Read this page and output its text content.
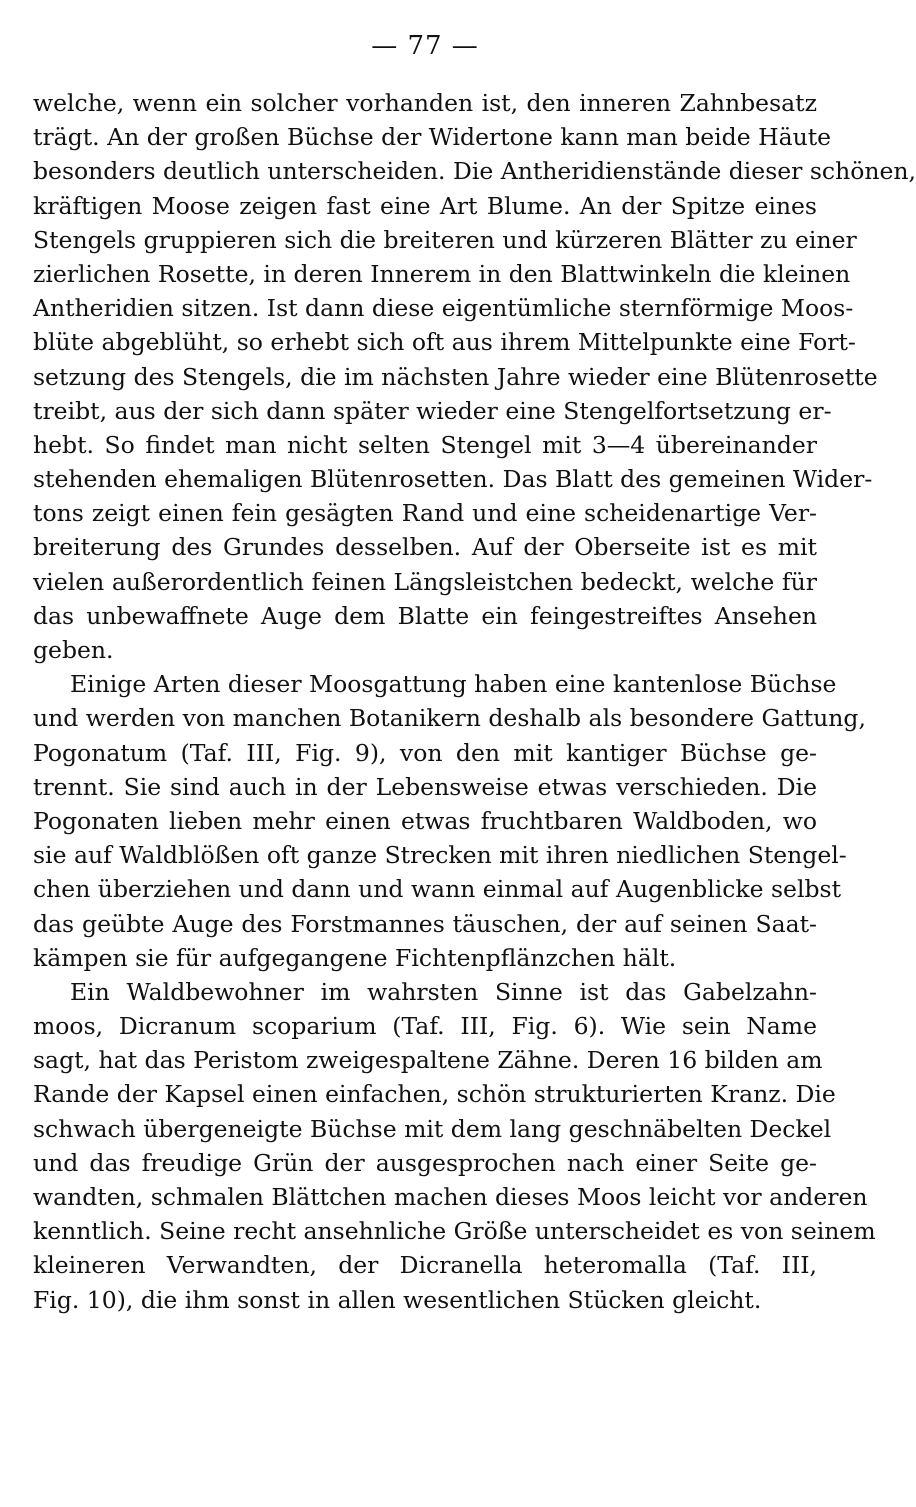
— 77 —
welche, wenn ein solcher vorhanden ist, den inneren Zahnbesatz
trägt. An der großen Büchse der Widertone kann man beide Häute
besonders deutlich unterscheiden. Die Antheridienstände dieser schönen,
kräftigen Moose zeigen fast eine Art Blume. An der Spitze eines
Stengels gruppieren sich die breiteren und kürzeren Blätter zu einer
zierlichen Rosette, in deren Innerem in den Blattwinkeln die kleinen
Antheridien sitzen. Ist dann diese eigentümliche sternförmige Moos-
blüte abgeblüht, so erhebt sich oft aus ihrem Mittelpunkte eine Fort-
setzung des Stengels, die im nächsten Jahre wieder eine Blütenrosette
treibt, aus der sich dann später wieder eine Stengelfortsetzung er-
hebt. So findet man nicht selten Stengel mit 3—4 übereinander
stehenden ehemaligen Blütenrosetten. Das Blatt des gemeinen Wider-
tons zeigt einen fein gesägten Rand und eine scheidenartige Ver-
breiterung des Grundes desselben. Auf der Oberseite ist es mit
vielen außerordentlich feinen Längsleistchen bedeckt, welche für
das unbewaffnete Auge dem Blatte ein feingestreiftes Ansehen
geben.
Einige Arten dieser Moosgattung haben eine kantenlose Büchse
und werden von manchen Botanikern deshalb als besondere Gattung,
Pogonatum (Taf. III, Fig. 9), von den mit kantiger Büchse ge-
trennt. Sie sind auch in der Lebensweise etwas verschieden. Die
Pogonaten lieben mehr einen etwas fruchtbaren Waldboden, wo
sie auf Waldblößen oft ganze Strecken mit ihren niedlichen Stengel-
chen überziehen und dann und wann einmal auf Augenblicke selbst
das geübte Auge des Forstmannes täuschen, der auf seinen Saat-
kämpen sie für aufgegangene Fichtenpflänzchen hält.
Ein Waldbewohner im wahrsten Sinne ist das Gabelzahn-
moos, Dicranum scoparium (Taf. III, Fig. 6). Wie sein Name
sagt, hat das Peristom zweigespaltene Zähne. Deren 16 bilden am
Rande der Kapsel einen einfachen, schön strukturierten Kranz. Die
schwach übergeneigte Büchse mit dem lang geschnäbelten Deckel
und das freudige Grün der ausgesprochen nach einer Seite ge-
wandten, schmalen Blättchen machen dieses Moos leicht vor anderen
kenntlich. Seine recht ansehnliche Größe unterscheidet es von seinem
kleineren Verwandten, der Dicranella heteromalla (Taf. III,
Fig. 10), die ihm sonst in allen wesentlichen Stücken gleicht.
